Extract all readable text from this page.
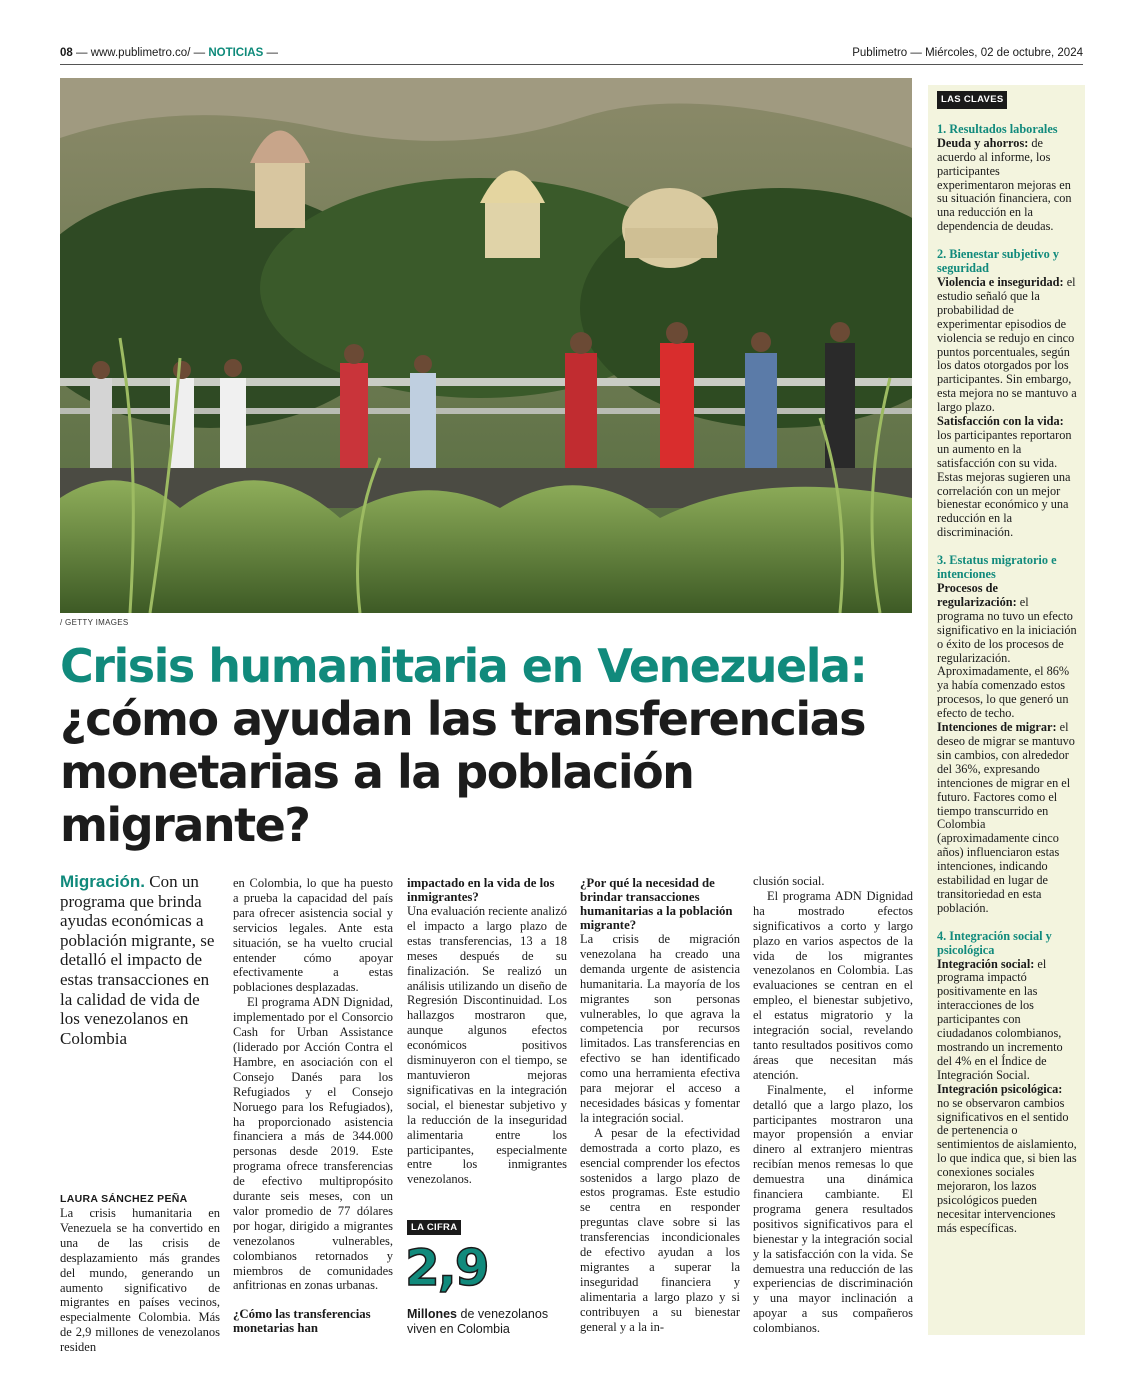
08 — www.publimetro.co/ — NOTICIAS —	Publimetro — Miércoles, 02 de octubre, 2024
/ GETTY IMAGES
Crisis humanitaria en Venezuela: ¿cómo ayudan las transferencias monetarias a la población migrante?
LAS CLAVES
1. Resultados laborales

Deuda y ahorros: de acuerdo al informe, los participantes experimentaron mejoras en su situación financiera, con una reducción en la dependencia de deudas.

2. Bienestar subjetivo y seguridad

Violencia e inseguridad: el estudio señaló que la probabilidad de experimentar episodios de violencia se redujo en cinco puntos porcentuales, según los datos otorgados por los participantes. Sin embargo, esta mejora no se mantuvo a largo plazo.

Satisfacción con la vida: los participantes reportaron un aumento en la satisfacción con su vida. Estas mejoras sugieren una correlación con un mejor bienestar económico y una reducción en la discriminación.

3. Estatus migratorio e intenciones

Procesos de regularización: el programa no tuvo un efecto significativo en la iniciación o éxito de los procesos de regularización. Aproximadamente, el 86% ya había comenzado estos procesos, lo que generó un efecto de techo.

Intenciones de migrar: el deseo de migrar se mantuvo sin cambios, con alrededor del 36%, expresando intenciones de migrar en el futuro. Factores como el tiempo transcurrido en Colombia (aproximadamente cinco años) influenciaron estas intenciones, indicando estabilidad en lugar de transitoriedad en esta población.

4. Integración social y psicológica

Integración social: el programa impactó positivamente en las interacciones de los participantes con ciudadanos colombianos, mostrando un incremento del 4% en el Índice de Integración Social.

Integración psicológica: no se observaron cambios significativos en el sentido de pertenencia o sentimientos de aislamiento, lo que indica que, si bien las conexiones sociales mejoraron, los lazos psicológicos pueden necesitar intervenciones más específicas.

Migración. Con un programa que brinda ayudas económicas a población migrante, se detalló el impacto de estas transacciones en la calidad de vida de los venezolanos en Colombia
LAURA SÁNCHEZ PEÑA

La crisis humanitaria en Venezuela se ha convertido en una de las crisis de desplazamiento más grandes del mundo, generando un aumento significativo de migrantes en países vecinos, especialmente Colombia. Más de 2,9 millones de venezolanos residen

en Colombia, lo que ha puesto a prueba la capacidad del país para ofrecer asistencia social y servicios legales. Ante esta situación, se ha vuelto crucial entender cómo apoyar efectivamente a estas poblaciones desplazadas.

El programa ADN Dignidad, implementado por el Consorcio Cash for Urban Assistance (liderado por Acción Contra el Hambre, en asociación con el Consejo Danés para los Refugiados y el Consejo Noruego para los Refugiados), ha proporcionado asistencia financiera a más de 344.000 personas desde 2019. Este programa ofrece transferencias de efectivo multipropósito durante seis meses, con un valor promedio de 77 dólares por hogar, dirigido a migrantes venezolanos vulnerables, colombianos retornados y miembros de comunidades anfitrionas en zonas urbanas.

¿Cómo las transferencias monetarias han
impactado en la vida de los inmigrantes?

Una evaluación reciente analizó el impacto a largo plazo de estas transferencias, 13 a 18 meses después de su finalización. Se realizó un análisis utilizando un diseño de Regresión Discontinuidad. Los hallazgos mostraron que, aunque algunos efectos económicos positivos disminuyeron con el tiempo, se mantuvieron mejoras significativas en la integración social, el bienestar subjetivo y la reducción de la inseguridad alimentaria entre los participantes, especialmente entre los inmigrantes venezolanos.

LA CIFRA
2,9
Millones de venezolanos viven en Colombia
¿Por qué la necesidad de brindar transacciones humanitarias a la población migrante?

La crisis de migración venezolana ha creado una demanda urgente de asistencia humanitaria. La mayoría de los migrantes son personas vulnerables, lo que agrava la competencia por recursos limitados. Las transferencias en efectivo se han identificado como una herramienta efectiva para mejorar el acceso a necesidades básicas y fomentar la integración social.

A pesar de la efectividad demostrada a corto plazo, es esencial comprender los efectos sostenidos a largo plazo de estos programas. Este estudio se centra en responder preguntas clave sobre si las transferencias incondicionales de efectivo ayudan a los migrantes a superar la inseguridad financiera y alimentaria a largo plazo y si contribuyen a su bienestar general y a la in-

clusión social.

El programa ADN Dignidad ha mostrado efectos significativos a corto y largo plazo en varios aspectos de la vida de los migrantes venezolanos en Colombia. Las evaluaciones se centran en el empleo, el bienestar subjetivo, el estatus migratorio y la integración social, revelando tanto resultados positivos como áreas que necesitan más atención.

Finalmente, el informe detalló que a largo plazo, los participantes mostraron una mayor propensión a enviar dinero al extranjero mientras recibían menos remesas lo que demuestra una dinámica financiera cambiante. El programa genera resultados positivos significativos para el bienestar y la integración social y la satisfacción con la vida. Se demuestra una reducción de las experiencias de discriminación y una mayor inclinación a apoyar a sus compañeros colombianos.
